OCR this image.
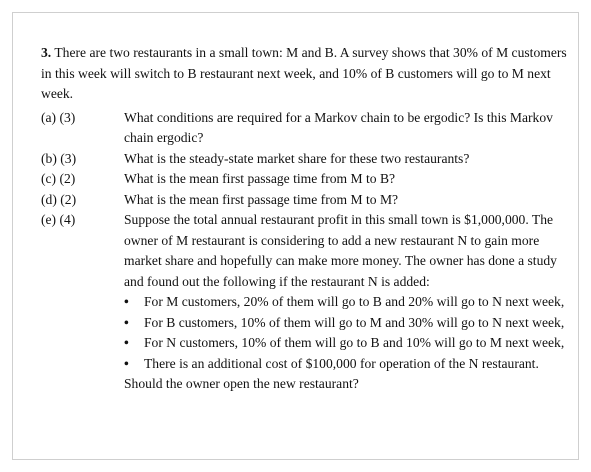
3. There are two restaurants in a small town: M and B. A survey shows that 30% of M customers in this week will switch to B restaurant next week, and 10% of B customers will go to M next week.

(a) (3)	What conditions are required for a Markov chain to be ergodic? Is this Markov chain ergodic?
(b) (3)	What is the steady-state market share for these two restaurants?
(c) (2)	What is the mean first passage time from M to B?
(d) (2)	What is the mean first passage time from M to M?
(e) (4)	Suppose the total annual restaurant profit in this small town is $1,000,000. The owner of M restaurant is considering to add a new restaurant N to gain more market share and hopefully can make more money. The owner has done a study and found out the following if the restaurant N is added:
•	For M customers, 20% of them will go to B and 20% will go to N next week,
•	For B customers, 10% of them will go to M and 30% will go to N next week,
•	For N customers, 10% of them will go to B and 10% will go to M next week,
•	There is an additional cost of $100,000 for operation of the N restaurant.
Should the owner open the new restaurant?
